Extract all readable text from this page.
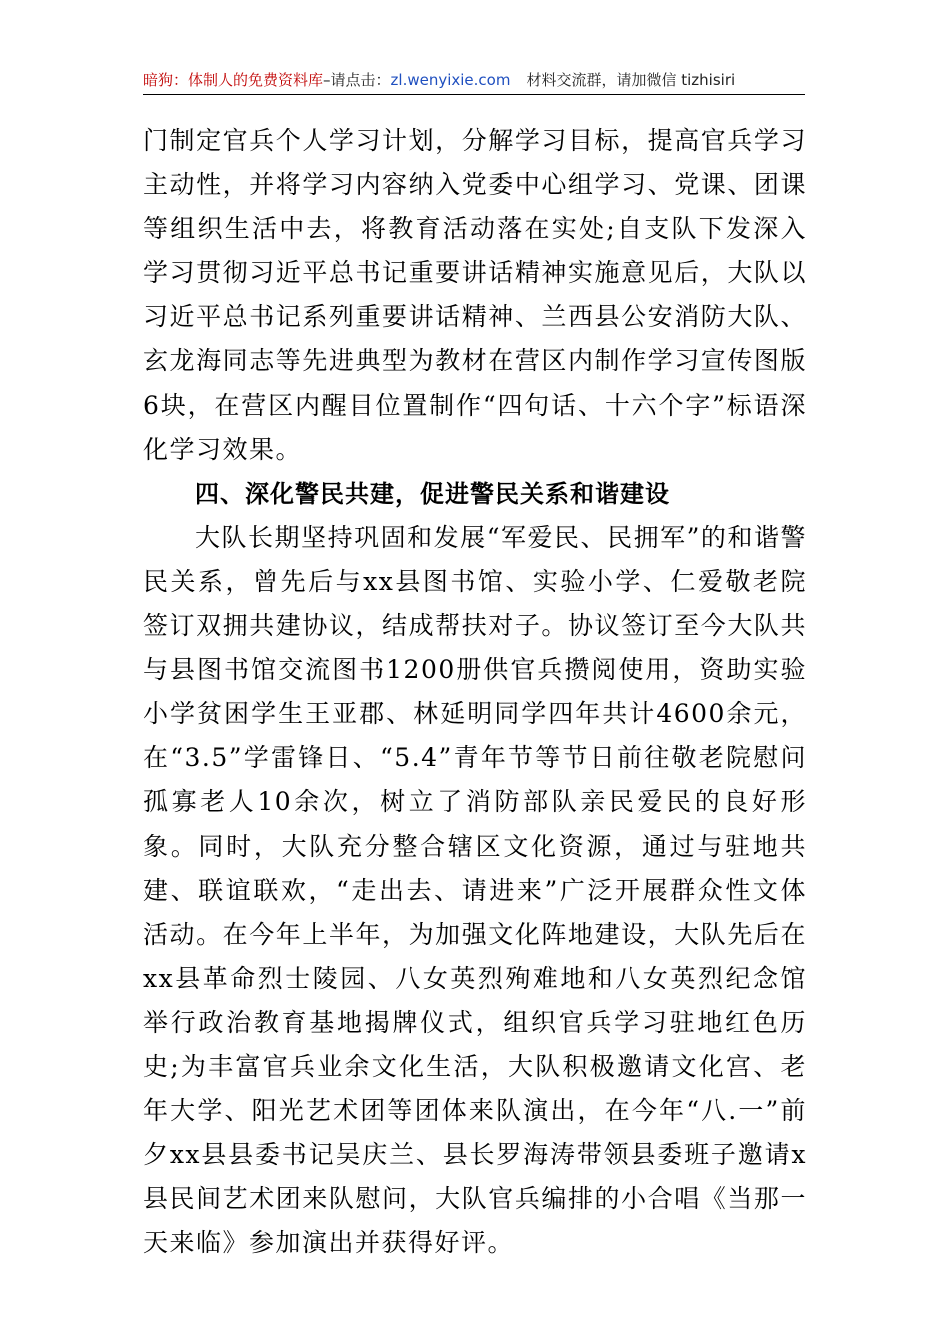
暗狗：体制人的免费资料库–请点击：zl.wenyixie.com 材料交流群，请加微信 tizhisiri

门制定官兵个人学习计划，分解学习目标，提高官兵学习主动性，并将学习内容纳入党委中心组学习、党课、团课等组织生活中去，将教育活动落在实处;自支队下发深入学习贯彻习近平总书记重要讲话精神实施意见后，大队以习近平总书记系列重要讲话精神、兰西县公安消防大队、玄龙海同志等先进典型为教材在营区内制作学习宣传图版6块，在营区内醒目位置制作“四句话、十六个字”标语深化学习效果。

四、深化警民共建，促进警民关系和谐建设

大队长期坚持巩固和发展“军爱民、民拥军”的和谐警民关系，曾先后与xx县图书馆、实验小学、仁爱敬老院签订双拥共建协议，结成帮扶对子。协议签订至今大队共与县图书馆交流图书1200册供官兵攒阅使用，资助实验小学贫困学生王亚郡、林延明同学四年共计4600余元，在“3.5”学雷锋日、“5.4”青年节等节日前往敬老院慰问孤寡老人10余次，树立了消防部队亲民爱民的良好形象。同时，大队充分整合辖区文化资源，通过与驻地共建、联谊联欢，“走出去、请进来”广泛开展群众性文体活动。在今年上半年，为加强文化阵地建设，大队先后在xx县革命烈士陵园、八女英烈殉难地和八女英烈纪念馆举行政治教育基地揭牌仪式，组织官兵学习驻地红色历史;为丰富官兵业余文化生活，大队积极邀请文化宫、老年大学、阳光艺术团等团体来队演出，在今年“八.一”前夕xx县县委书记吴庆兰、县长罗海涛带领县委班子邀请x县民间艺术团来队慰问，大队官兵编排的小合唱《当那一天来临》参加演出并获得好评。
